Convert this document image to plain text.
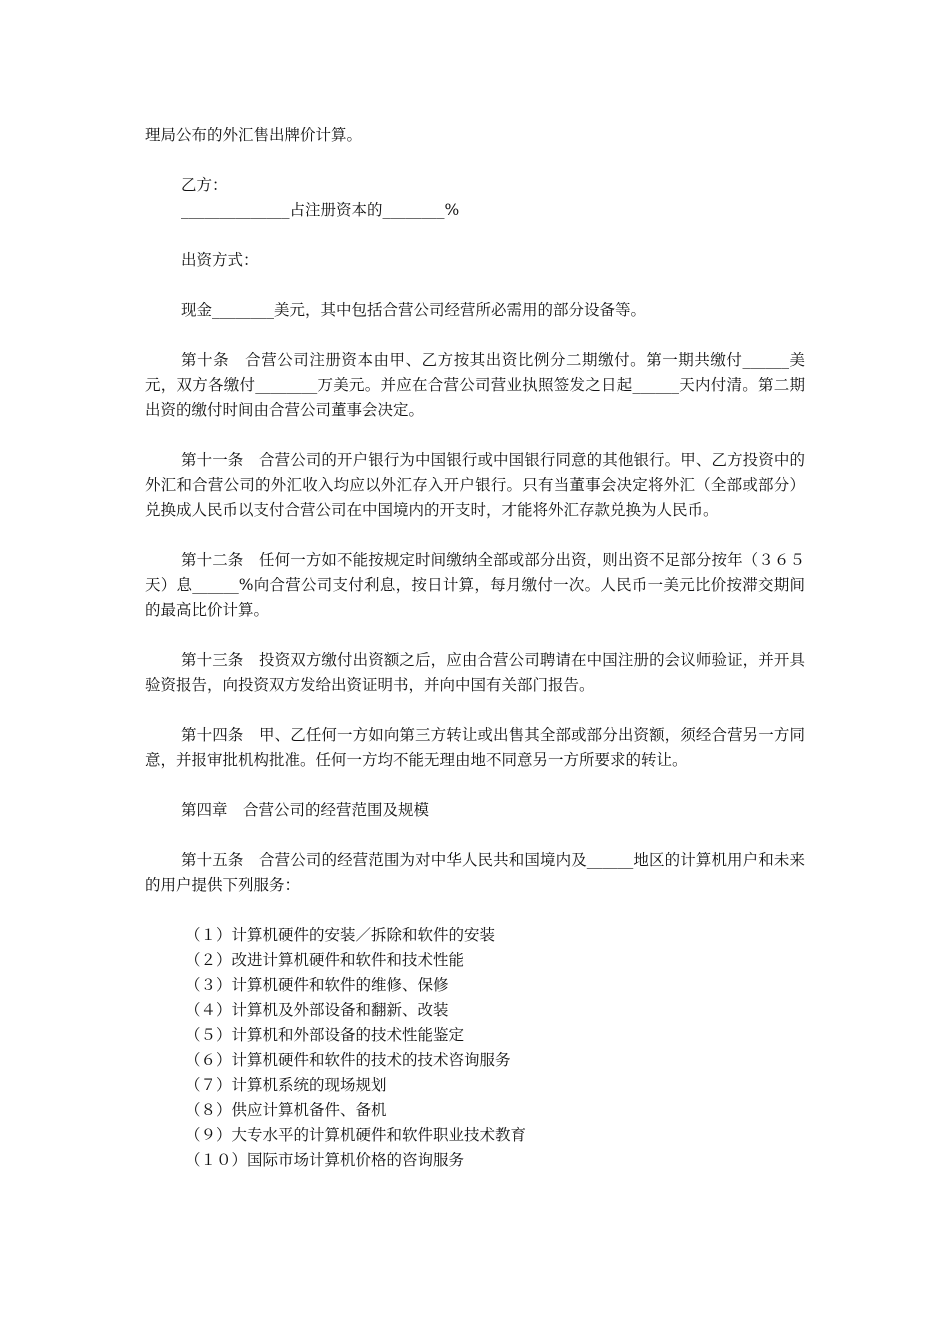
理局公布的外汇售出牌价计算。

乙方：

______________占注册资本的________%

出资方式：

现金________美元，其中包括合营公司经营所必需用的部分设备等。

第十条　合营公司注册资本由甲、乙方按其出资比例分二期缴付。第一期共缴付______美元，双方各缴付________万美元。并应在合营公司营业执照签发之日起______天内付清。第二期出资的缴付时间由合营公司董事会决定。

第十一条　合营公司的开户银行为中国银行或中国银行同意的其他银行。甲、乙方投资中的外汇和合营公司的外汇收入均应以外汇存入开户银行。只有当董事会决定将外汇（全部或部分）兑换成人民币以支付合营公司在中国境内的开支时，才能将外汇存款兑换为人民币。

第十二条　任何一方如不能按规定时间缴纳全部或部分出资，则出资不足部分按年（３６５天）息______%向合营公司支付利息，按日计算，每月缴付一次。人民币一美元比价按滞交期间的最高比价计算。

第十三条　投资双方缴付出资额之后，应由合营公司聘请在中国注册的会议师验证，并开具验资报告，向投资双方发给出资证明书，并向中国有关部门报告。

第十四条　甲、乙任何一方如向第三方转让或出售其全部或部分出资额，须经合营另一方同意，并报审批机构批准。任何一方均不能无理由地不同意另一方所要求的转让。

第四章　合营公司的经营范围及规模

第十五条　合营公司的经营范围为对中华人民共和国境内及______地区的计算机用户和未来的用户提供下列服务：

（１）计算机硬件的安装／拆除和软件的安装
（２）改进计算机硬件和软件和技术性能
（３）计算机硬件和软件的维修、保修
（４）计算机及外部设备和翻新、改装
（５）计算机和外部设备的技术性能鉴定
（６）计算机硬件和软件的技术的技术咨询服务
（７）计算机系统的现场规划
（８）供应计算机备件、备机
（９）大专水平的计算机硬件和软件职业技术教育
（１０）国际市场计算机价格的咨询服务
